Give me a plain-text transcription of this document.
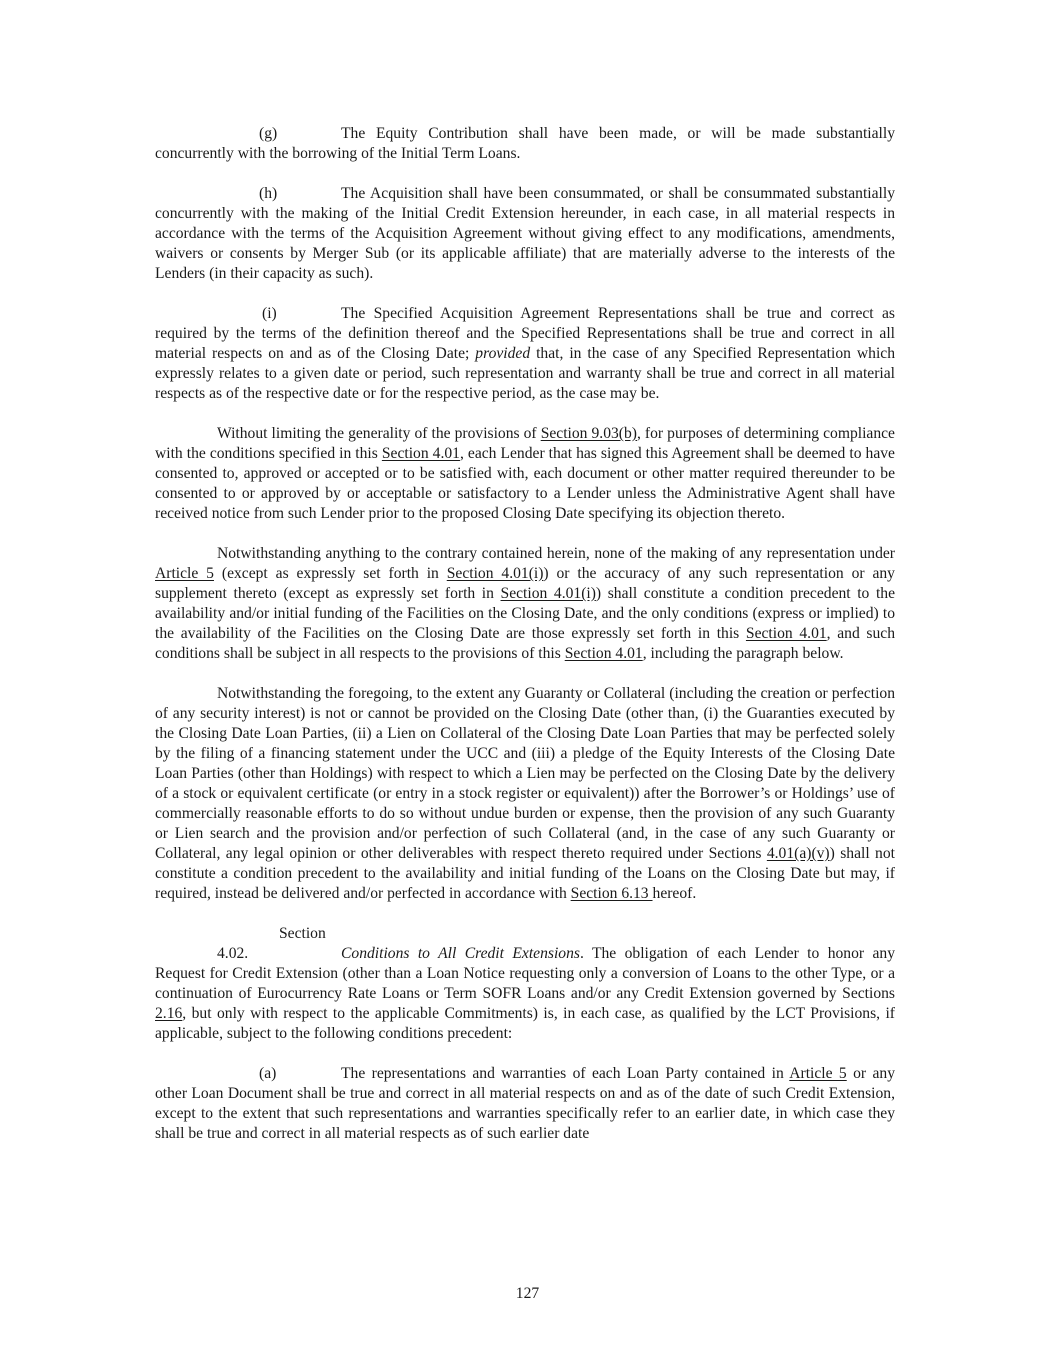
(g)	The Equity Contribution shall have been made, or will be made substantially concurrently with the borrowing of the Initial Term Loans.

(h)	The Acquisition shall have been consummated, or shall be consummated substantially concurrently with the making of the Initial Credit Extension hereunder, in each case, in all material respects in accordance with the terms of the Acquisition Agreement without giving effect to any modifications, amendments, waivers or consents by Merger Sub (or its applicable affiliate) that are materially adverse to the interests of the Lenders (in their capacity as such).

(i)	The Specified Acquisition Agreement Representations shall be true and correct as required by the terms of the definition thereof and the Specified Representations shall be true and correct in all material respects on and as of the Closing Date; provided that, in the case of any Specified Representation which expressly relates to a given date or period, such representation and warranty shall be true and correct in all material respects as of the respective date or for the respective period, as the case may be.

Without limiting the generality of the provisions of Section 9.03(b), for purposes of determining compliance with the conditions specified in this Section 4.01, each Lender that has signed this Agreement shall be deemed to have consented to, approved or accepted or to be satisfied with, each document or other matter required thereunder to be consented to or approved by or acceptable or satisfactory to a Lender unless the Administrative Agent shall have received notice from such Lender prior to the proposed Closing Date specifying its objection thereto.

Notwithstanding anything to the contrary contained herein, none of the making of any representation under Article 5 (except as expressly set forth in Section 4.01(i)) or the accuracy of any such representation or any supplement thereto (except as expressly set forth in Section 4.01(i)) shall constitute a condition precedent to the availability and/or initial funding of the Facilities on the Closing Date, and the only conditions (express or implied) to the availability of the Facilities on the Closing Date are those expressly set forth in this Section 4.01, and such conditions shall be subject in all respects to the provisions of this Section 4.01, including the paragraph below.

Notwithstanding the foregoing, to the extent any Guaranty or Collateral (including the creation or perfection of any security interest) is not or cannot be provided on the Closing Date (other than, (i) the Guaranties executed by the Closing Date Loan Parties, (ii) a Lien on Collateral of the Closing Date Loan Parties that may be perfected solely by the filing of a financing statement under the UCC and (iii) a pledge of the Equity Interests of the Closing Date Loan Parties (other than Holdings) with respect to which a Lien may be perfected on the Closing Date by the delivery of a stock or equivalent certificate (or entry in a stock register or equivalent)) after the Borrower’s or Holdings’ use of commercially reasonable efforts to do so without undue burden or expense, then the provision of any such Guaranty or Lien search and the provision and/or perfection of such Collateral (and, in the case of any such Guaranty or Collateral, any legal opinion or other deliverables with respect thereto required under Sections 4.01(a)(v)) shall not constitute a condition precedent to the availability and initial funding of the Loans on the Closing Date but may, if required, instead be delivered and/or perfected in accordance with Section 6.13 hereof.

Section 4.02.	Conditions to All Credit Extensions. The obligation of each Lender to honor any Request for Credit Extension (other than a Loan Notice requesting only a conversion of Loans to the other Type, or a continuation of Eurocurrency Rate Loans or Term SOFR Loans and/or any Credit Extension governed by Sections 2.16, but only with respect to the applicable Commitments) is, in each case, as qualified by the LCT Provisions, if applicable, subject to the following conditions precedent:

(a)	The representations and warranties of each Loan Party contained in Article 5 or any other Loan Document shall be true and correct in all material respects on and as of the date of such Credit Extension, except to the extent that such representations and warranties specifically refer to an earlier date, in which case they shall be true and correct in all material respects as of such earlier date

127
